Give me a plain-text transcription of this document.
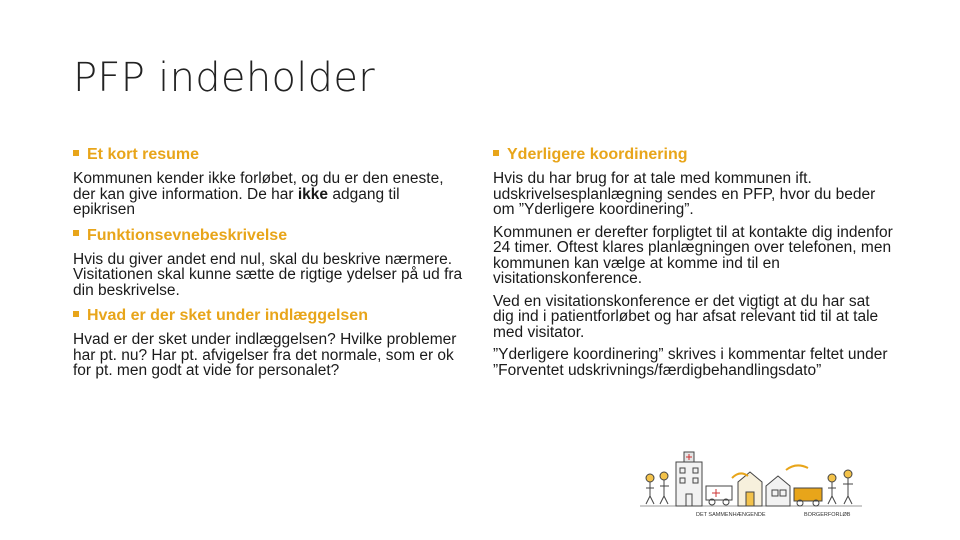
PFP indeholder
Et kort resume
Kommunen kender ikke forløbet, og du er den eneste, der kan give information. De har ikke adgang til epikrisen
Funktionsevnebeskrivelse
Hvis du giver andet end nul, skal du beskrive nærmere. Visitationen skal kunne sætte de rigtige ydelser på ud fra din beskrivelse.
Hvad er der sket under indlæggelsen
Hvad er der sket under indlæggelsen? Hvilke problemer har pt. nu? Har pt. afvigelser fra det normale, som er ok for pt. men godt at vide for personalet?
Yderligere koordinering
Hvis du har brug for at tale med kommunen ift. udskrivelsesplanlægning sendes en PFP, hvor du beder om ”Yderligere koordinering”.
Kommunen er derefter forpligtet til at kontakte dig indenfor 24 timer. Oftest klares planlægningen over telefonen, men kommunen kan vælge at komme ind til en visitationskonference.
Ved en visitationskonference er det vigtigt at du har sat dig ind i patientforløbet og har afsat relevant tid til at tale med visitator.
”Yderligere koordinering” skrives i kommentar feltet under ”Forventet udskrivnings/færdigbehandlingsdato”
DET SAMMENHÆNGENDE	BORGERFORLØB
